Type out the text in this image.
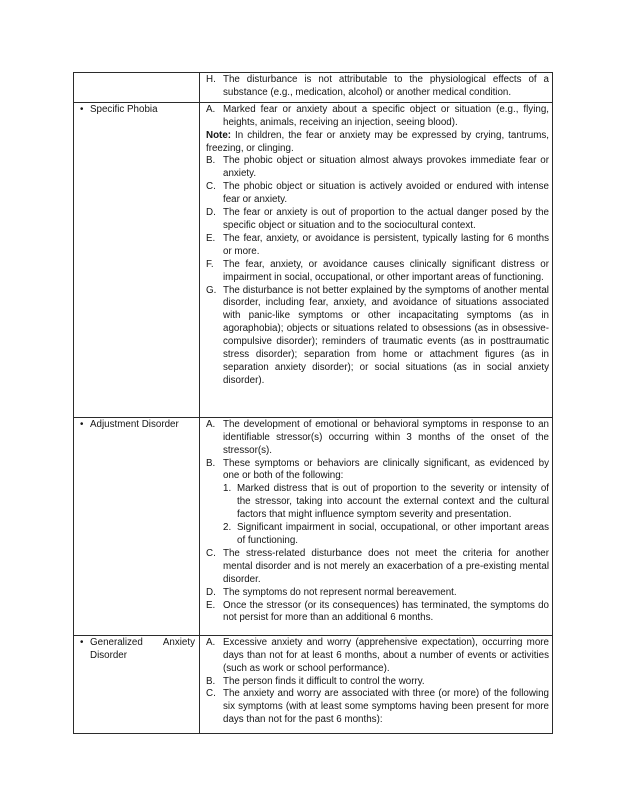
H. The disturbance is not attributable to the physiological effects of a substance (e.g., medication, alcohol) or another medical condition.
• Specific Phobia	A. Marked fear or anxiety about a specific object or situation (e.g., flying, heights, animals, receiving an injection, seeing blood).
Note: In children, the fear or anxiety may be expressed by crying, tantrums, freezing, or clinging.
B. The phobic object or situation almost always provokes immediate fear or anxiety.
C. The phobic object or situation is actively avoided or endured with intense fear or anxiety.
D. The fear or anxiety is out of proportion to the actual danger posed by the specific object or situation and to the sociocultural context.
E. The fear, anxiety, or avoidance is persistent, typically lasting for 6 months or more.
F. The fear, anxiety, or avoidance causes clinically significant distress or impairment in social, occupational, or other important areas of functioning.
G. The disturbance is not better explained by the symptoms of another mental disorder, including fear, anxiety, and avoidance of situations associated with panic-like symptoms or other incapacitating symptoms (as in agoraphobia); objects or situations related to obsessions (as in obsessive-compulsive disorder); reminders of traumatic events (as in posttraumatic stress disorder); separation from home or attachment figures (as in separation anxiety disorder); or social situations (as in social anxiety disorder).
• Adjustment Disorder	A. The development of emotional or behavioral symptoms in response to an identifiable stressor(s) occurring within 3 months of the onset of the stressor(s).
B. These symptoms or behaviors are clinically significant, as evidenced by one or both of the following:
1. Marked distress that is out of proportion to the severity or intensity of the stressor, taking into account the external context and the cultural factors that might influence symptom severity and presentation.
2. Significant impairment in social, occupational, or other important areas of functioning.
C. The stress-related disturbance does not meet the criteria for another mental disorder and is not merely an exacerbation of a pre-existing mental disorder.
D. The symptoms do not represent normal bereavement.
E. Once the stressor (or its consequences) has terminated, the symptoms do not persist for more than an additional 6 months.
• Generalized Anxiety Disorder
A. Excessive anxiety and worry (apprehensive expectation), occurring more days than not for at least 6 months, about a number of events or activities (such as work or school performance).
B. The person finds it difficult to control the worry.
C. The anxiety and worry are associated with three (or more) of the following six symptoms (with at least some symptoms having been present for more days than not for the past 6 months):
